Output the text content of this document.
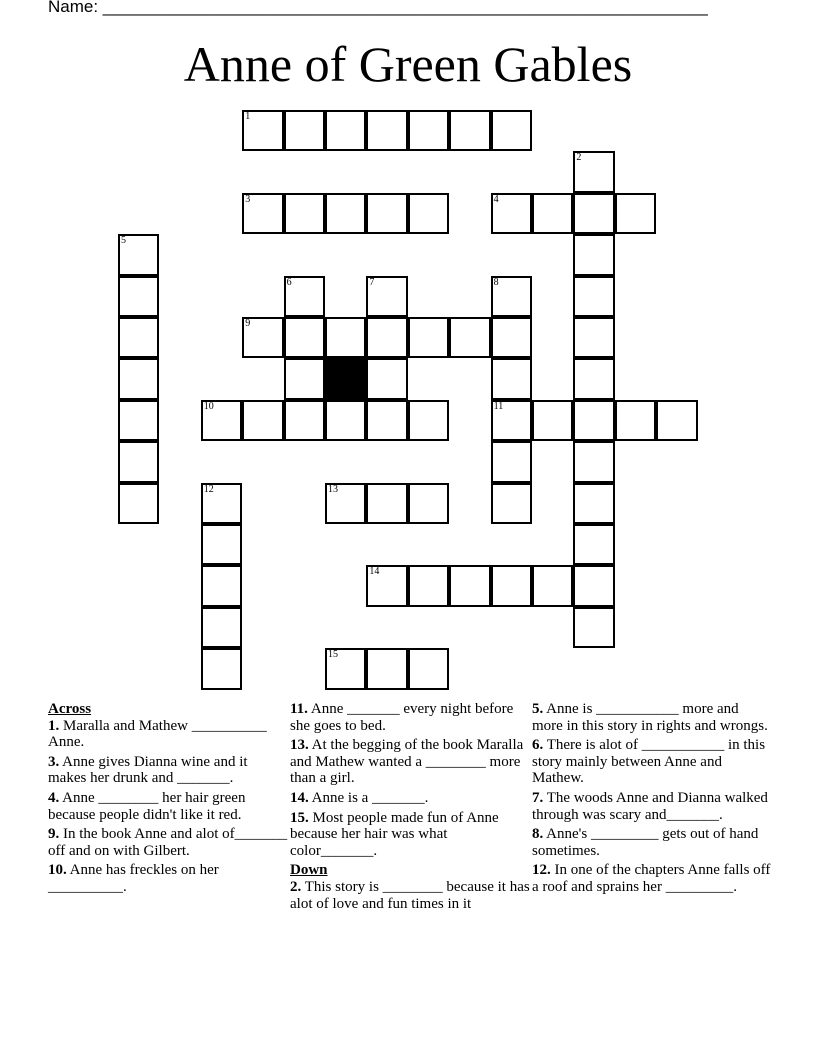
Name: ________________________________________________________________
Anne of Green Gables
1
2
3	4
5
6	7	8
9
10	11
12	13
14
15
Across
1. Maralla and Mathew __________ Anne.
3. Anne gives Dianna wine and it makes her drunk and _______.
4. Anne ________ her hair green because people didn't like it red.
9. In the book Anne and alot of_______ off and on with Gilbert.
10. Anne has freckles on her __________.
11. Anne _______ every night before she goes to bed.
13. At the begging of the book Maralla and Mathew wanted a ________ more than a girl.
14. Anne is a _______.
15. Most people made fun of Anne because her hair was what color_______.
Down
2. This story is ________ because it has alot of love and fun times in it
5. Anne is ___________ more and more in this story in rights and wrongs.
6. There is alot of ___________ in this story mainly between Anne and Mathew.
7. The woods Anne and Dianna walked through was scary and_______.
8. Anne's _________ gets out of hand sometimes.
12. In one of the chapters Anne falls off a roof and sprains her _________.
